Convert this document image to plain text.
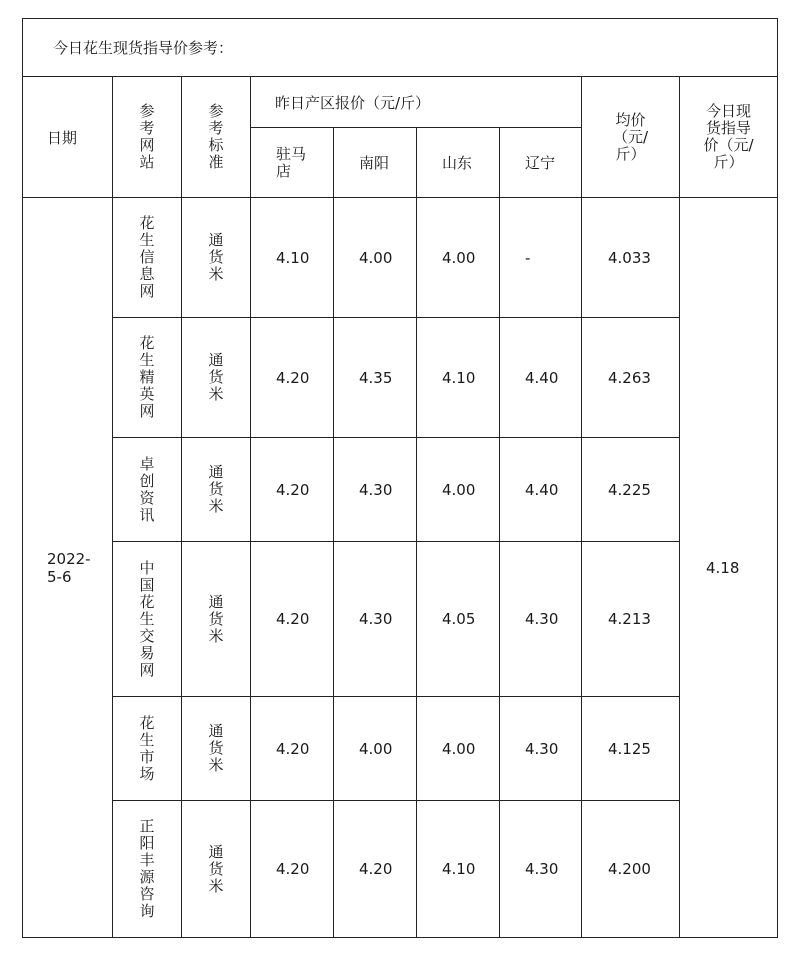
今日花生现货指导价参考：								
日期	参考网站	参考标准	昨日产区报价（元/斤）				均价（元/斤）	今日现货指导价（元/斤）

			驻马店	南阳	山东	辽宁		

2022-5-6	花生信息网	通货米	4.10	4.00	4.00	-	4.033	4.18

	花生精英网	通货米	4.20	4.35	4.10	4.40	4.263	

	卓创资讯	通货米	4.20	4.30	4.00	4.40	4.225	

	中国花生交易网	通货米	4.20	4.30	4.05	4.30	4.213	

	花生市场	通货米	4.20	4.00	4.00	4.30	4.125	

	正阳丰源咨询	通货米	4.20	4.20	4.10	4.30	4.200	
